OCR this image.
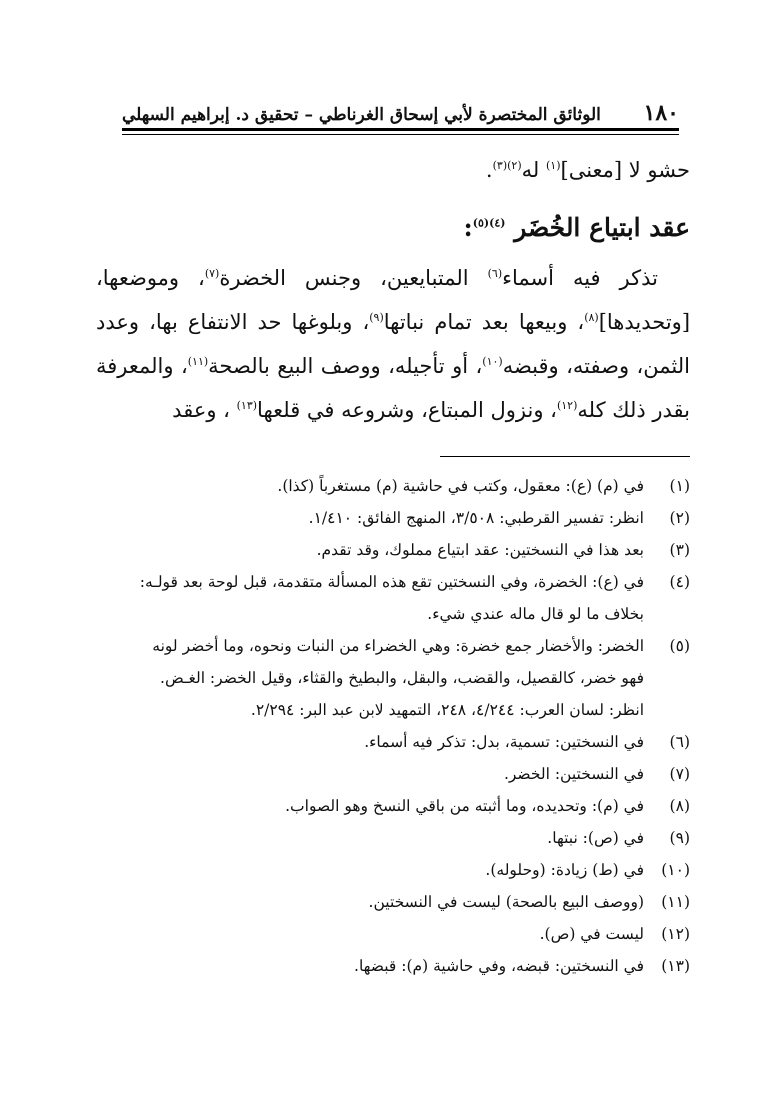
١٨٠
الوثائق المختصرة لأبي إسحاق الغرناطي – تحقيق د. إبراهيم السهلي

حشو لا [معنى]$^{(١)}$ له$^{(٢)(٣)}$.

عقد ابتياع الخُضَر $^{(٤)(٥)}$:

تذكر فيه أسماء$^{(٦)}$ المتبايعين، وجنس الخضرة$^{(٧)}$، وموضعها، [وتحديدها]$^{(٨)}$، وبيعها بعد تمام نباتها$^{(٩)}$، وبلوغها حد الانتفاع بها، وعدد الثمن، وصفته، وقبضه$^{(١٠)}$، أو تأجيله، ووصف البيع بالصحة$^{(١١)}$، والمعرفة بقدر ذلك كله$^{(١٢)}$، ونزول المبتاع، وشروعه في قلعها$^{(١٣)}$ ، وعقد

(١)
في (م) (ع): معقول، وكتب في حاشية (م) مستغرباً (كذا).
(٢)
انظر: تفسير القرطبي: ٣/٥٠٨، المنهج الفائق: ١/٤١٠.
(٣)
بعد هذا في النسختين: عقد ابتياع مملوك، وقد تقدم.
(٤)
في (ع): الخضرة، وفي النسختين تقع هذه المسألة متقدمة، قبل لوحة بعد قولـه:
بخلاف ما لو قال ماله عندي شيء.
(٥)
الخضر: والأخضار جمع خضرة: وهي الخضراء من النبات ونحوه، وما أخضر لونه
فهو خضر، كالقصيل، والقضب، والبقل، والبطيخ والقثاء، وقيل الخضر: الغـض.
انظر: لسان العرب: ٤/٢٤٤، ٢٤٨، التمهيد لابن عبد البر: ٢/٢٩٤.
(٦)
في النسختين: تسمية، بدل: تذكر فيه أسماء.
(٧)
في النسختين: الخضر.
(٨)
في (م): وتحديده، وما أثبته من باقي النسخ وهو الصواب.
(٩)
في (ص): نبتها.
(١٠)
في (ط) زيادة: (وحلوله).
(١١)
(ووصف البيع بالصحة) ليست في النسختين.
(١٢)
ليست في (ص).
(١٣)
في النسختين: قبضه، وفي حاشية (م): قبضها.
